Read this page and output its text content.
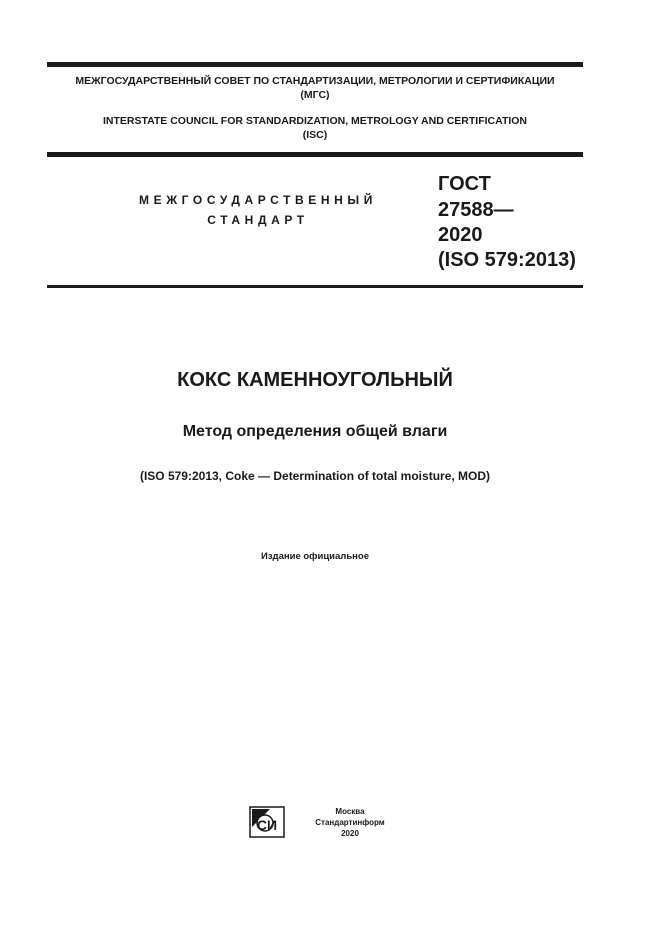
МЕЖГОСУДАРСТВЕННЫЙ СОВЕТ ПО СТАНДАРТИЗАЦИИ, МЕТРОЛОГИИ И СЕРТИФИКАЦИИ
(МГС)
INTERSTATE COUNCIL FOR STANDARDIZATION, METROLOGY AND CERTIFICATION
(ISC)
МЕЖГОСУДАРСТВЕННЫЙ
СТАНДАРТ
ГОСТ
27588—
2020
(ISO 579:2013)
КОКС КАМЕННОУГОЛЬНЫЙ
Метод определения общей влаги
(ISO 579:2013, Coke — Determination of total moisture, MOD)
Издание официальное
СИ
Москва
Стандартинформ
2020
